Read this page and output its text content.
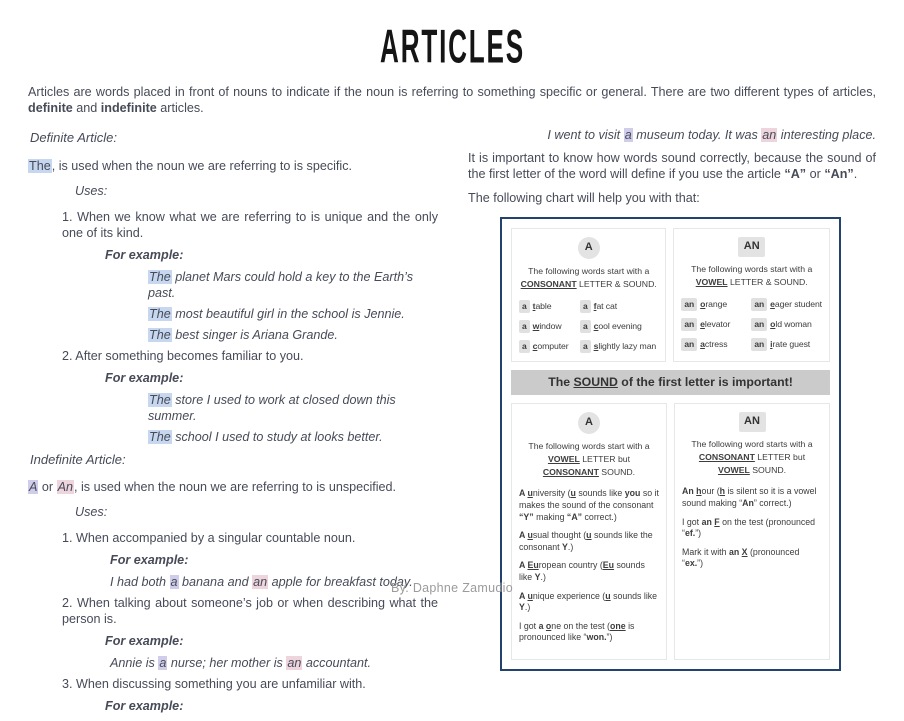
ARTICLES
Articles are words placed in front of nouns to indicate if the noun is referring to something specific or general. There are two different types of articles, definite and indefinite articles.
Definite Article:
The, is used when the noun we are referring to is specific.
Uses:
1. When we know what we are referring to is unique and the only one of its kind.
For example:
The planet Mars could hold a key to the Earth’s past.
The most beautiful girl in the school is Jennie.
The best singer is Ariana Grande.
2. After something becomes familiar to you.
For example:
The store I used to work at closed down this summer.
The school I used to study at looks better.
Indefinite Article:
A or An, is used when the noun we are referring to is unspecified.
Uses:
1. When accompanied by a singular countable noun.
For example:
I had both a banana and an apple for breakfast today.
2. When talking about someone’s job or when describing what the person is.
For example:
Annie is a nurse; her mother is an accountant.
3. When discussing something you are unfamiliar with.
For example:
I went to visit a museum today. It was an interesting place.
It is important to know how words sound correctly, because the sound of the first letter of the word will define if you use the article “A” or “An”.
The following chart will help you with that:
A
The following words start with a
CONSONANT LETTER & SOUND.
a table	a fat cat
a window	a cool evening
a computer	a slightly lazy man
AN
The following words start with a
VOWEL LETTER & SOUND.
an orange	an eager student
an elevator	an old woman
an actress	an irate guest
The SOUND of the first letter is important!
A
The following words start with a
VOWEL LETTER but CONSONANT SOUND.
A university (u sounds like you so it makes the sound of the consonant “Y” making “A” correct.)
A usual thought (u sounds like the consonant Y.)
A European country (Eu sounds like Y.)
A unique experience (u sounds like Y.)
I got a one on the test (one is pronounced like “won.”)
AN
The following word starts with a
CONSONANT LETTER but VOWEL SOUND.
An hour (h is silent so it is a vowel sound making “An” correct.)
I got an F on the test (pronounced “ef.”)
Mark it with an X (pronounced “ex.”)
By. Daphne Zamudio
